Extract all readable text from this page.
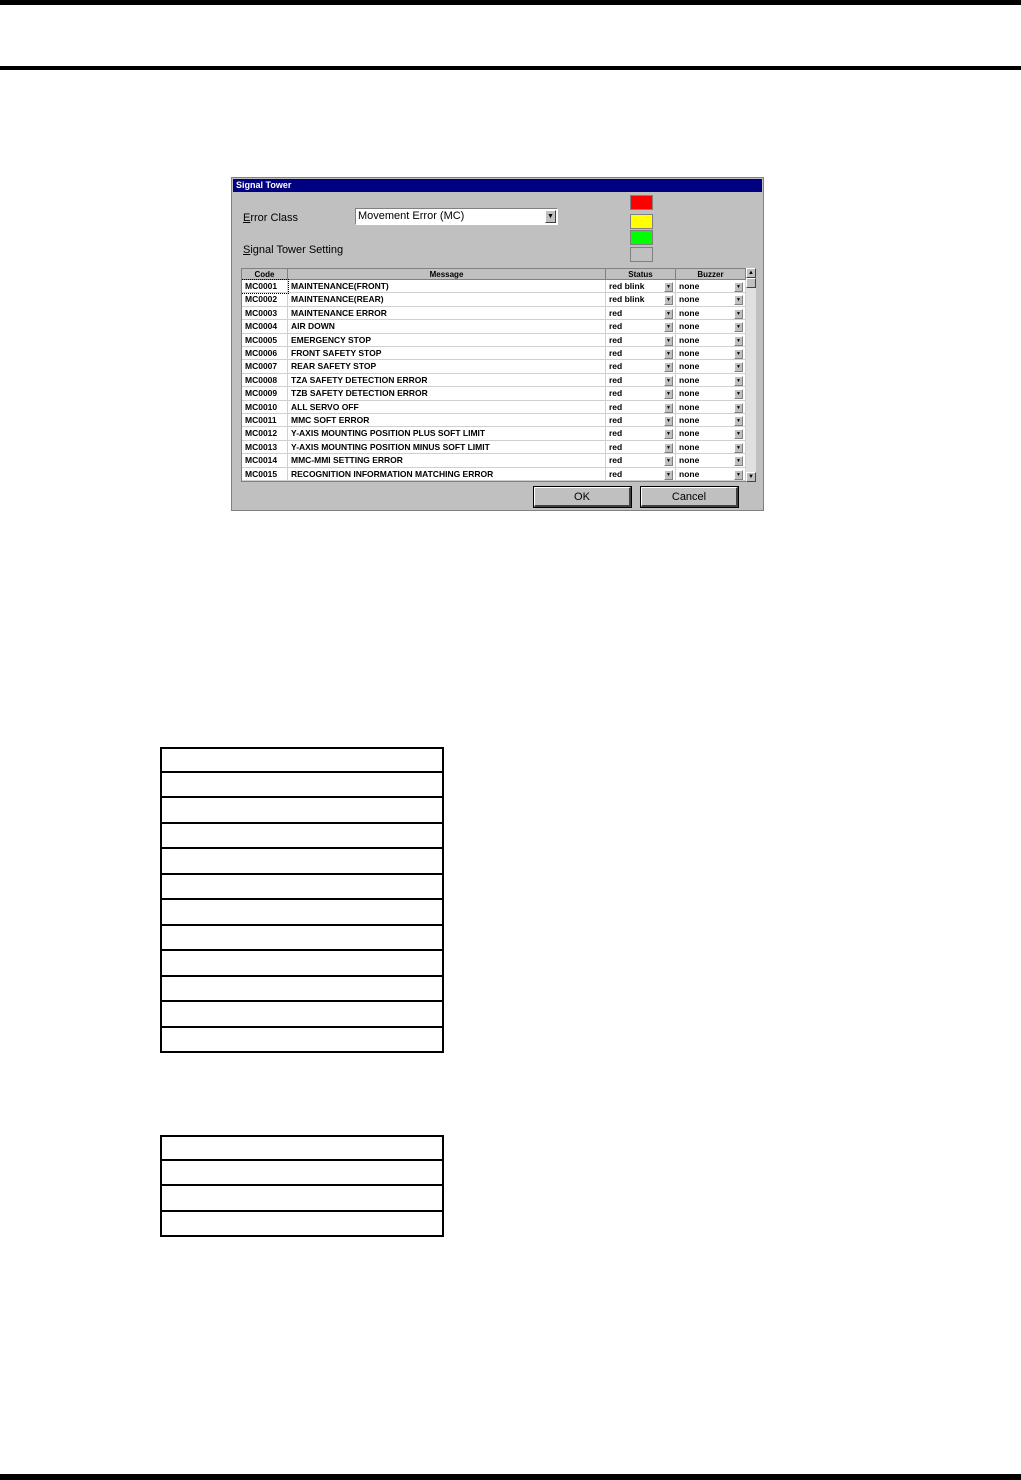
Signal Tower
Error Class	Movement Error (MC)	▼
Signal Tower Setting
Code	Message	Status	Buzzer
MC0001	MAINTENANCE(FRONT)	red blink	▼ none	▼
MC0002	MAINTENANCE(REAR)	red blink	▼ none	▼
MC0003	MAINTENANCE ERROR	red	▼ none	▼
MC0004	AIR DOWN	red	▼ none	▼
MC0005	EMERGENCY STOP	red	▼ none	▼
MC0006	FRONT SAFETY STOP	red	▼ none	▼
MC0007	REAR SAFETY STOP	red	▼ none	▼
MC0008	TZA SAFETY DETECTION ERROR	red	▼ none	▼
MC0009	TZB SAFETY DETECTION ERROR	red	▼ none	▼
MC0010	ALL SERVO OFF	red	▼ none	▼
MC0011	MMC SOFT ERROR	red	▼ none	▼
MC0012	Y-AXIS MOUNTING POSITION PLUS SOFT LIMIT	red	▼ none	▼
MC0013	Y-AXIS MOUNTING POSITION MINUS SOFT LIMIT	red	▼ none	▼
MC0014	MMC-MMI SETTING ERROR	red	▼ none	▼
MC0015	RECOGNITION INFORMATION MATCHING ERROR	red	▼ none	▼
▲
▼
OK	Cancel
